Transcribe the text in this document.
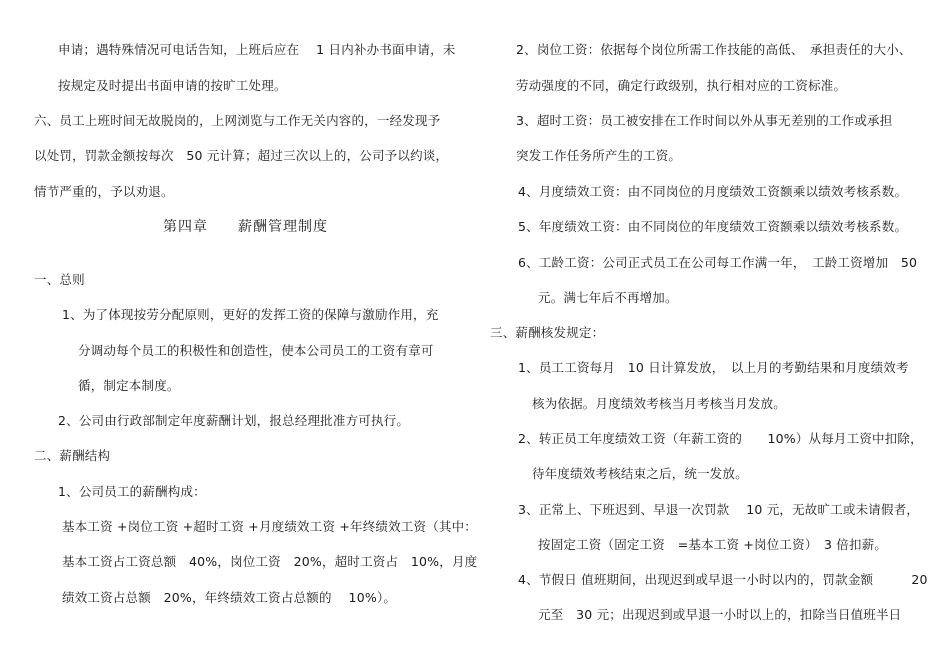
申请；遇特殊情况可电话告知，上班后应在　 1 日内补办书面申请，未
按规定及时提出书面申请的按旷工处理。
六、员工上班时间无故脱岗的，上网浏览与工作无关内容的，一经发现予
以处罚，罚款金额按每次　50 元计算；超过三次以上的，公司予以约谈，
情节严重的，予以劝退。
第四章　　薪酬管理制度
一、总则
1、为了体现按劳分配原则，更好的发挥工资的保障与激励作用，充
分调动每个员工的积极性和创造性，使本公司员工的工资有章可
循，制定本制度。
2、公司由行政部制定年度薪酬计划，报总经理批准方可执行。
二、薪酬结构
1、公司员工的薪酬构成：
基本工资 +岗位工资 +超时工资 +月度绩效工资 +年终绩效工资（其中：
基本工资占工资总额　40%，岗位工资　20%，超时工资占　10%，月度
绩效工资占总额　20%，年终绩效工资占总额的　 10%）。
2、岗位工资：依据每个岗位所需工作技能的高低、　承担责任的大小、
劳动强度的不同，确定行政级别，执行相对应的工资标准。
3、超时工资：员工被安排在工作时间以外从事无差别的工作或承担
突发工作任务所产生的工资。
4、月度绩效工资：由不同岗位的月度绩效工资额乘以绩效考核系数。
5、年度绩效工资：由不同岗位的年度绩效工资额乘以绩效考核系数。
6、工龄工资：公司正式员工在公司每工作满一年，　工龄工资增加　50
元。满七年后不再增加。
三、薪酬核发规定：
1、员工工资每月　10 日计算发放，　以上月的考勤结果和月度绩效考
核为依据。月度绩效考核当月考核当月发放。
2、转正员工年度绩效工资（年薪工资的　　10%）从每月工资中扣除，
待年度绩效考核结束之后，统一发放。
3、正常上、下班迟到、早退一次罚款　 10 元，无故旷工或未请假者，
按固定工资（固定工资　=基本工资 +岗位工资）　3 倍扣薪。
4、节假日 值班期间，出现迟到或早退一小时以内的，罚款金额　　　20
元至　30 元；出现迟到或早退一小时以上的，扣除当日值班半日
